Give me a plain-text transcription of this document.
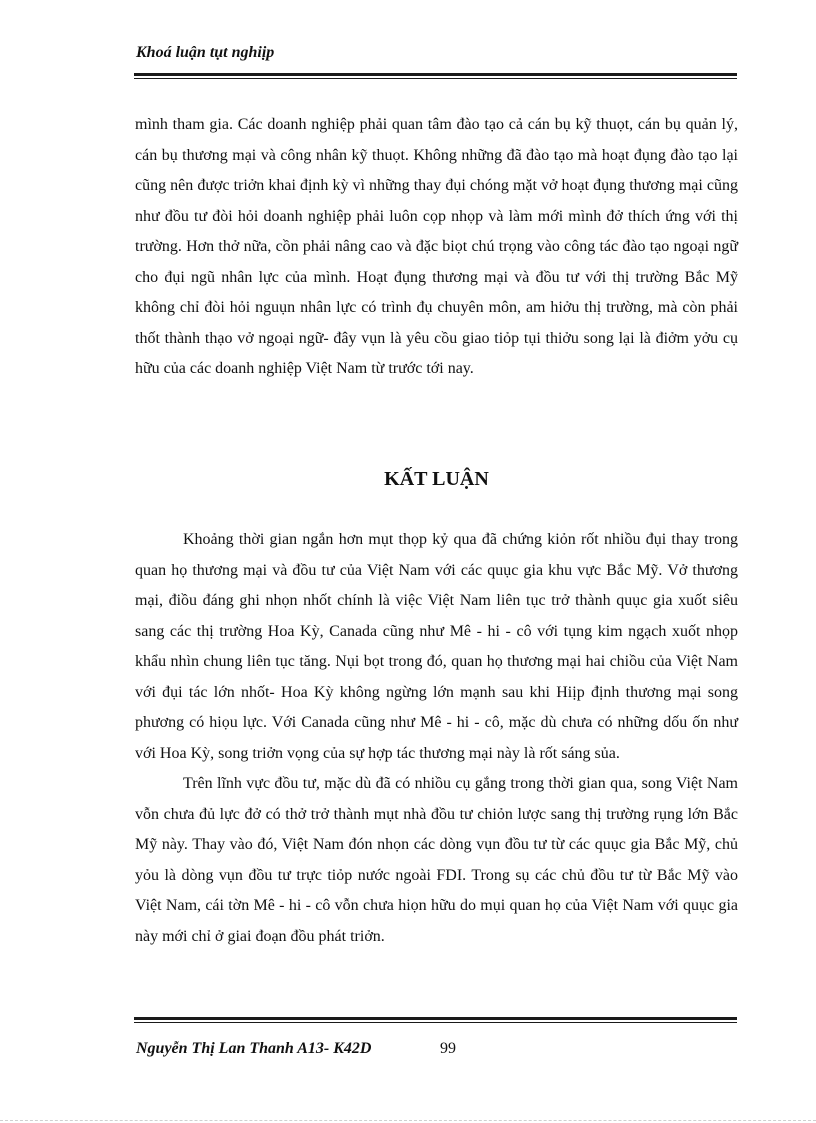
Khoá luận tụt nghiịp

mình tham gia. Các doanh nghiệp phải quan tâm đào tạo cả cán bụ kỹ thuọt, cán bụ quản lý, cán bụ thương mại và công nhân kỹ thuọt. Không những đã đào tạo mà hoạt đụng đào tạo lại cũng nên được triởn khai định kỳ vì những thay đụi chóng mặt vở hoạt đụng thương mại cũng như đồu tư đòi hỏi doanh nghiệp phải luôn cọp nhọp và làm mới mình đở thích ứng với thị trường. Hơn thở nữa, cồn phải nâng cao và đặc biọt chú trọng vào công tác đào tạo ngoại ngữ cho đụi ngũ nhân lực của mình. Hoạt đụng thương mại và đồu tư với thị trường Bắc Mỹ không chỉ đòi hỏi nguụn nhân lực có trình đụ chuyên môn, am hiởu thị trường, mà còn phải thốt thành thạo vở ngoại ngữ- đây vụn là yêu cồu giao tiỏp tụi thiởu song lại là điởm yởu cụ hữu của các doanh nghiệp Việt Nam từ trước tới nay.

KẤT LUẬN

Khoảng thời gian ngắn hơn mụt thọp kỷ qua đã chứng kiỏn rốt nhiồu đụi thay trong quan họ thương mại và đồu tư của Việt Nam với các quục gia khu vực Bắc Mỹ. Vở thương mại, điồu đáng ghi nhọn nhốt chính là việc Việt Nam liên tục trở thành quục gia xuốt siêu sang các thị trường Hoa Kỳ, Canada cũng như Mê - hi - cô với tụng kim ngạch xuốt nhọp khẩu nhìn chung liên tục tăng. Nụi bọt trong đó, quan họ thương mại hai chiồu của Việt Nam với đụi tác lớn nhốt- Hoa Kỳ không ngừng lớn mạnh sau khi Hiịp định thương mại song phương có hiọu lực. Với Canada cũng như Mê - hi - cô, mặc dù chưa có những dốu ốn như với Hoa Kỳ, song triởn vọng của sự hợp tác thương mại này là rốt sáng sủa.

Trên lĩnh vực đồu tư, mặc dù đã có nhiồu cụ gắng trong thời gian qua, song Việt Nam vỗn chưa đủ lực đở có thở trở thành mụt nhà đồu tư chiỏn lược sang thị trường rụng lớn Bắc Mỹ này. Thay vào đó, Việt Nam đón nhọn các dòng vụn đồu tư từ các quục gia Bắc Mỹ, chủ yỏu là dòng vụn đồu tư trực tiỏp nước ngoài FDI. Trong sụ các chủ đồu tư từ Bắc Mỹ vào Việt Nam, cái tờn Mê - hi - cô vỗn chưa hiọn hữu do mụi quan họ của Việt Nam với quục gia này mới chỉ ở giai đoạn đồu phát triởn.

Nguyễn Thị Lan Thanh A13- K42D	99
